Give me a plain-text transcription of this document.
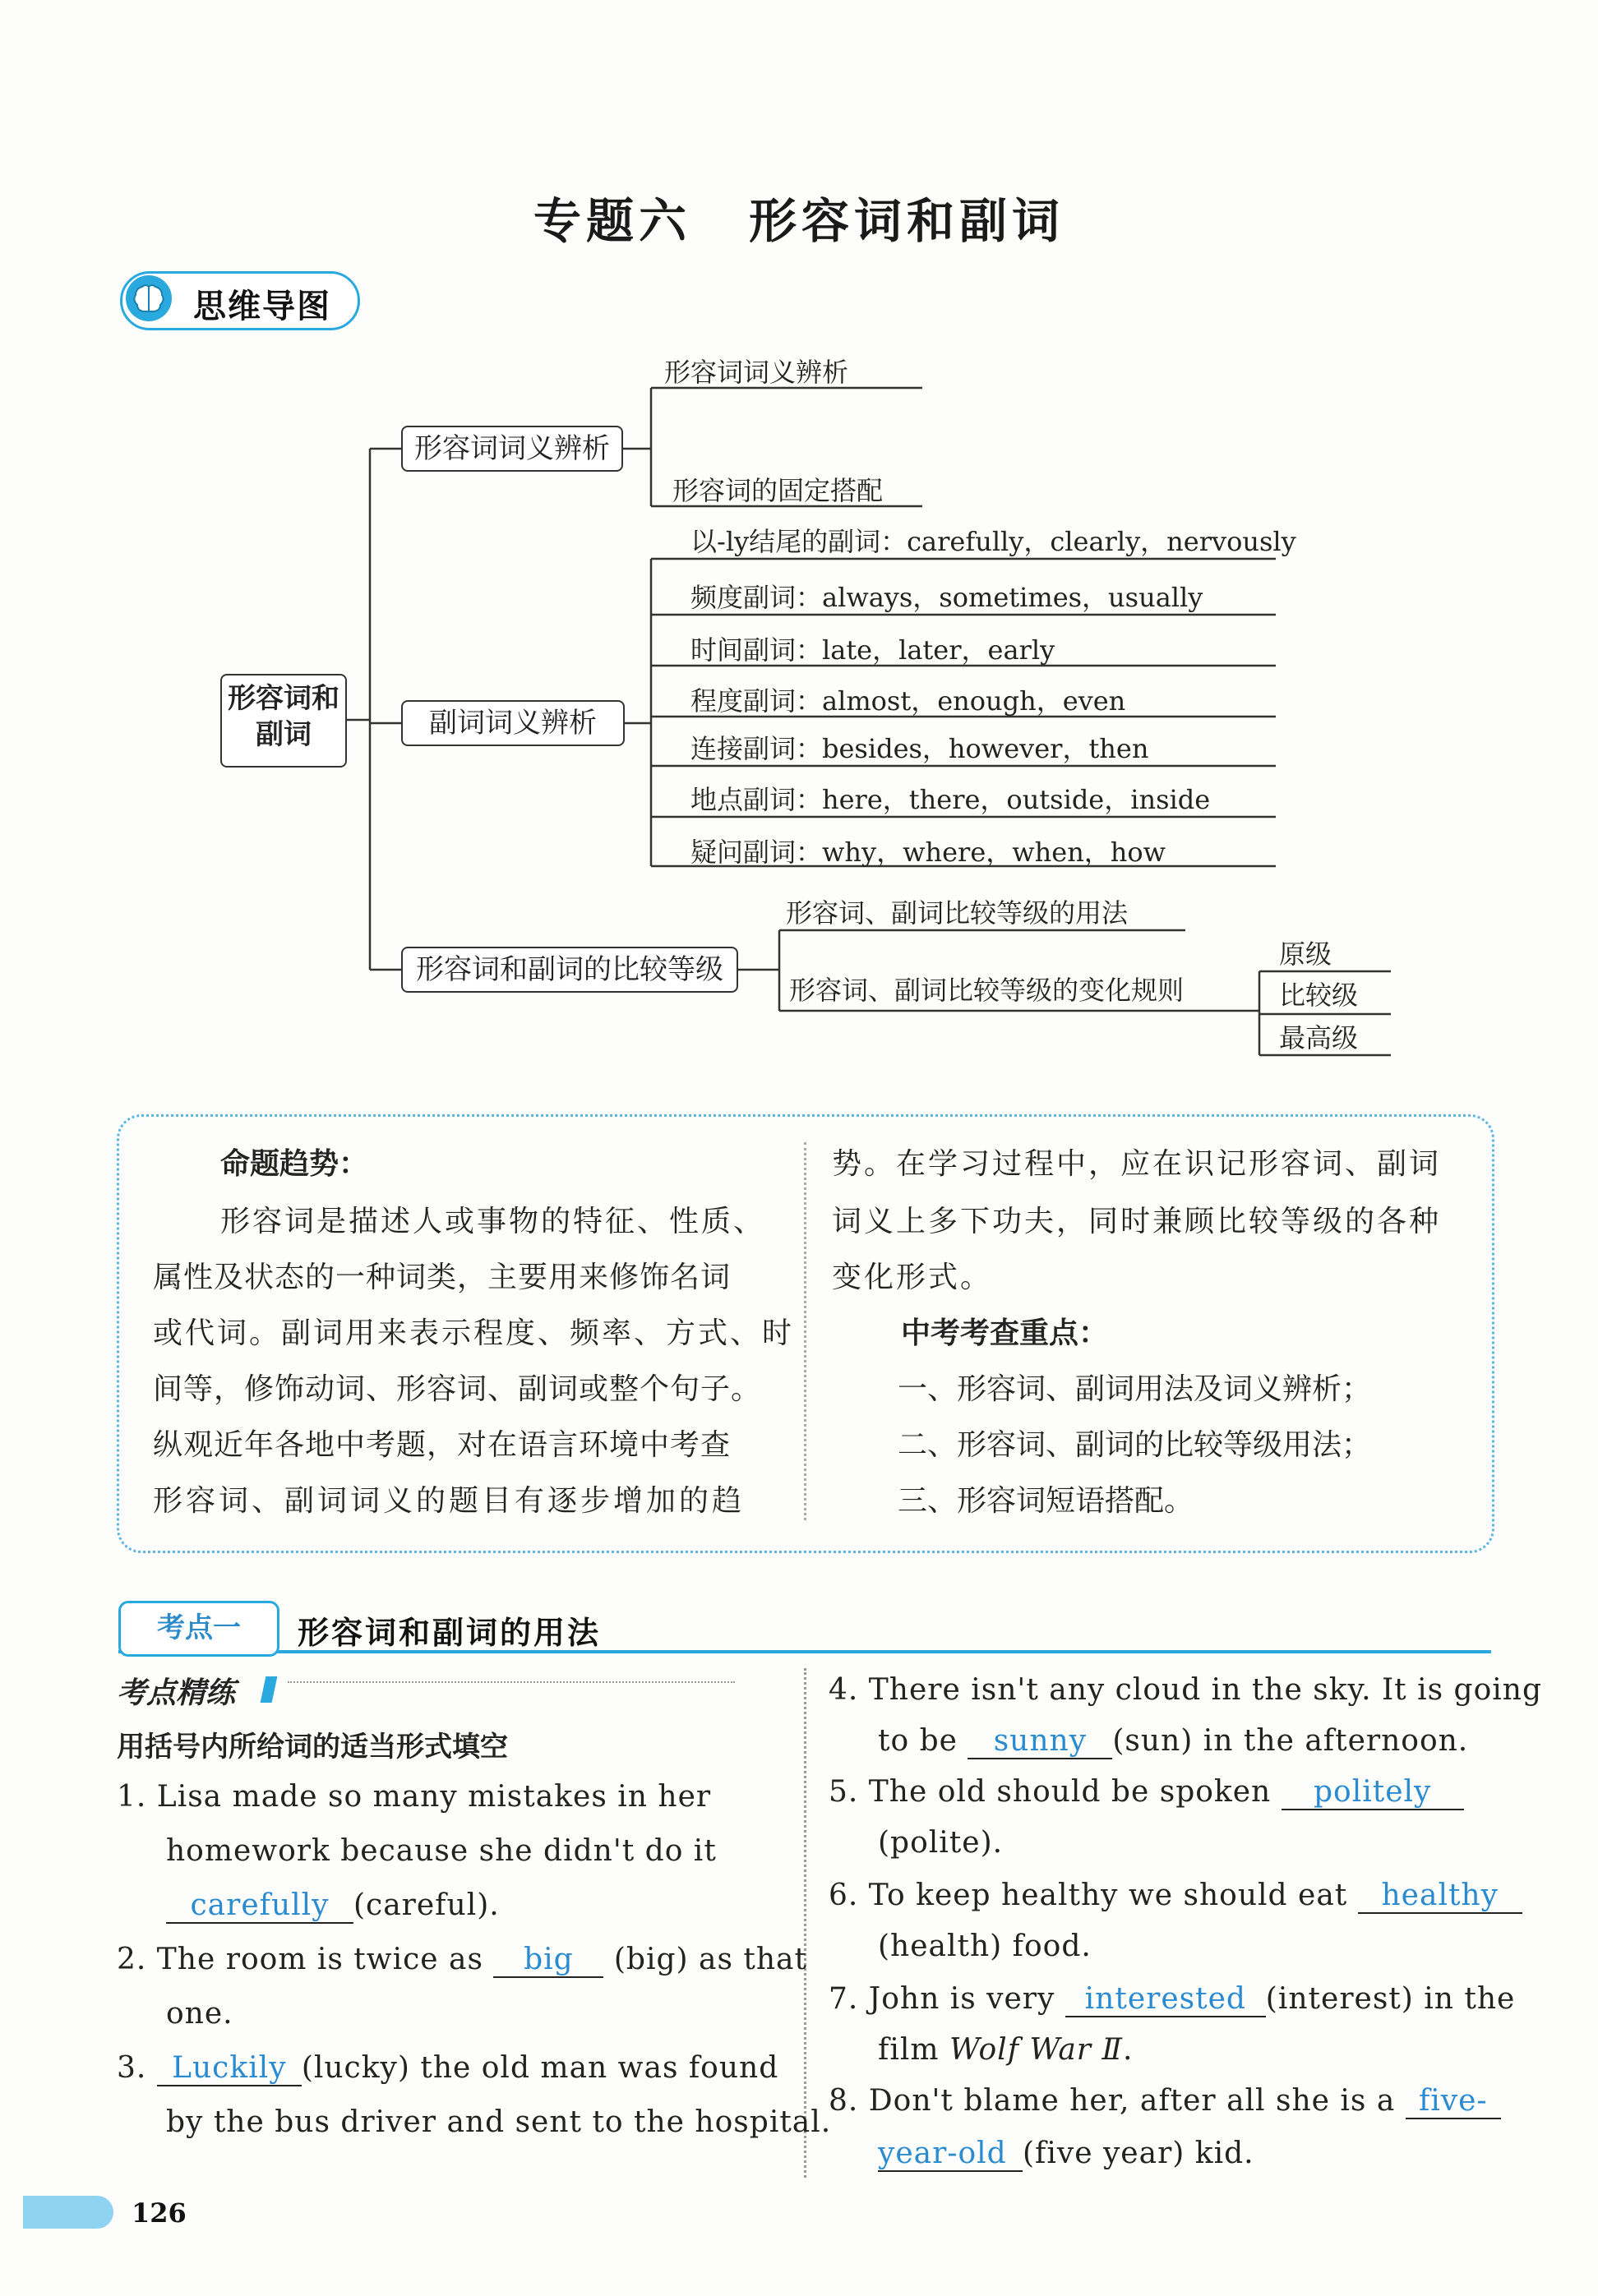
专题六 形容词和副词
思维导图
形容词和副词
形容词词义辨析
副词词义辨析
形容词和副词的比较等级
形容词词义辨析
形容词的固定搭配
以-ly结尾的副词：carefully，clearly，nervously
频度副词：always，sometimes，usually
时间副词：late，later，early
程度副词：almost，enough，even
连接副词：besides，however，then
地点副词：here，there，outside，inside
疑问副词：why，where，when，how
形容词、副词比较等级的用法
形容词、副词比较等级的变化规则
原级
比较级
最高级
命题趋势：
形容词是描述人或事物的特征、性质、
属性及状态的一种词类，主要用来修饰名词
或代词。副词用来表示程度、频率、方式、时
间等，修饰动词、形容词、副词或整个句子。
纵观近年各地中考题，对在语言环境中考查
形容词、副词词义的题目有逐步增加的趋
势。在学习过程中，应在识记形容词、副词
词义上多下功夫，同时兼顾比较等级的各种
变化形式。
中考考查重点：
一、形容词、副词用法及词义辨析；
二、形容词、副词的比较等级用法；
三、形容词短语搭配。
考点一	形容词和副词的用法
考点精练
用括号内所给词的适当形式填空
1. Lisa made so many mistakes in her
homework because she didn't do it
carefully (careful).
2. The room is twice as big (big) as that
one.
3. Luckily (lucky) the old man was found
by the bus driver and sent to the hospital.
4. There isn't any cloud in the sky. It is going
to be sunny (sun) in the afternoon.
5. The old should be spoken politely
(polite).
6. To keep healthy we should eat healthy
(health) food.
7. John is very interested (interest) in the
film Wolf War Ⅱ.
8. Don't blame her, after all she is a five-
year-old (five year) kid.
126
